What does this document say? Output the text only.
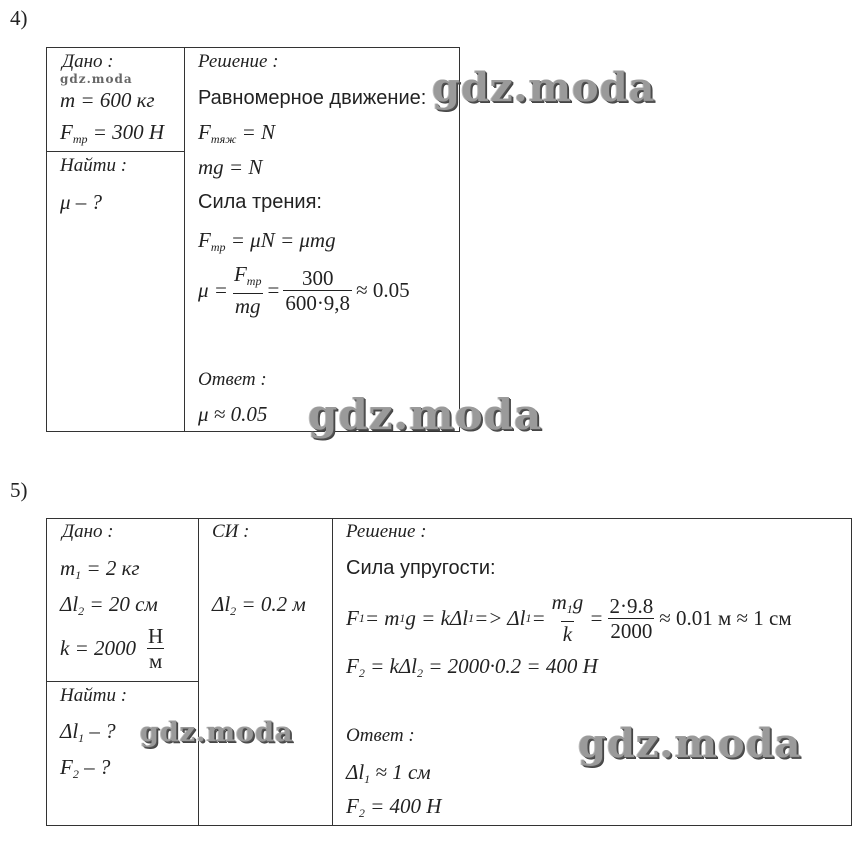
4)
Дано :
m = 600 кг
$F_{тр} = 300$ Н
Найти :
μ – ?
Решение :
Равномерное движение:
$F_{тяж} = N$
mg = N
Сила трения:
$F_{тр} = \mu N = \mu mg$
$\mu = \frac{F_{тр}}{mg} = \frac{300}{600\cdot 9,8} \approx 0.05$
Ответ :
μ ≈ 0.05
5)
Дано :
$m_1 = 2$ кг
$\Delta l_2 = 20$ см
$k = 2000 \frac{Н}{м}$
Найти :
$\Delta l_1$ – ?
$F_2$ – ?
СИ :
$\Delta l_2 = 0.2$ м
Решение :
Сила упругости:
F 1 = m 1 g = kΔl 1 => Δl $1 = \frac{m_1g}{k} = \frac{2\cdot 9.8}{2000} \approx 0.01$ м ≈ 1 см
$F_2 = k\Delta l_2 = 2000\cdot 0.2 = 400$ Н
Ответ :
$\Delta l_1 \approx 1$ см
$F_2 = 400$ Н
gdz.moda	gdz.moda
gdz.moda
gdz.moda	gdz.moda
